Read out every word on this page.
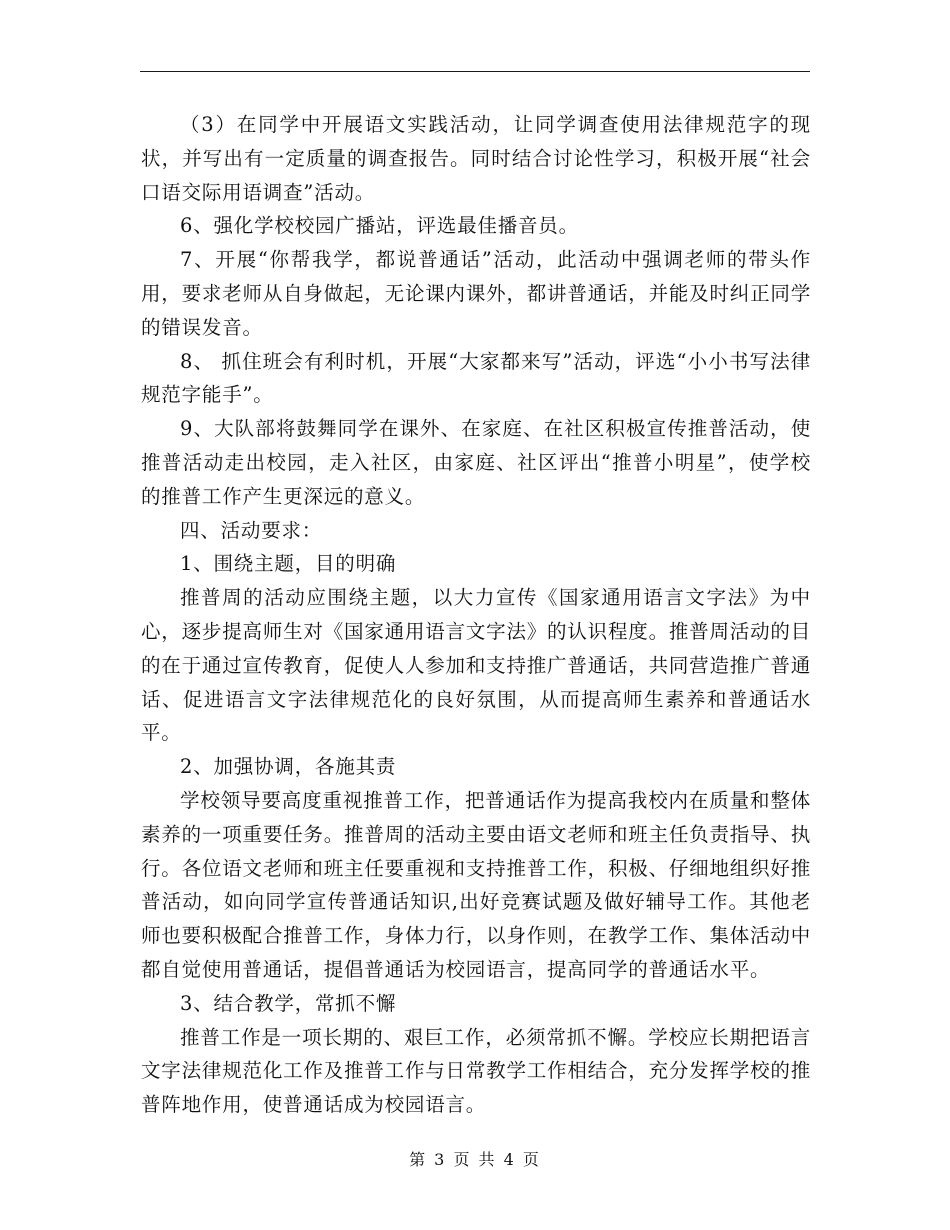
（3）在同学中开展语文实践活动，让同学调查使用法律规范字的现状，并写出有一定质量的调查报告。同时结合讨论性学习，积极开展“社会口语交际用语调查”活动。

6、强化学校校园广播站，评选最佳播音员。

7、开展“你帮我学，都说普通话”活动，此活动中强调老师的带头作用，要求老师从自身做起，无论课内课外，都讲普通话，并能及时纠正同学的错误发音。

8、 抓住班会有利时机，开展“大家都来写”活动，评选“小小书写法律规范字能手”。

9、大队部将鼓舞同学在课外、在家庭、在社区积极宣传推普活动，使推普活动走出校园，走入社区，由家庭、社区评出“推普小明星”，使学校的推普工作产生更深远的意义。

四、活动要求：

1、围绕主题，目的明确

推普周的活动应围绕主题，以大力宣传《国家通用语言文字法》为中心，逐步提高师生对《国家通用语言文字法》的认识程度。推普周活动的目的在于通过宣传教育，促使人人参加和支持推广普通话，共同营造推广普通话、促进语言文字法律规范化的良好氛围，从而提高师生素养和普通话水平。

2、加强协调，各施其责

学校领导要高度重视推普工作，把普通话作为提高我校内在质量和整体素养的一项重要任务。推普周的活动主要由语文老师和班主任负责指导、执行。各位语文老师和班主任要重视和支持推普工作，积极、仔细地组织好推普活动，如向同学宣传普通话知识,出好竞赛试题及做好辅导工作。其他老师也要积极配合推普工作，身体力行，以身作则，在教学工作、集体活动中都自觉使用普通话，提倡普通话为校园语言，提高同学的普通话水平。

3、结合教学，常抓不懈

推普工作是一项长期的、艰巨工作，必须常抓不懈。学校应长期把语言文字法律规范化工作及推普工作与日常教学工作相结合，充分发挥学校的推普阵地作用，使普通话成为校园语言。

第 3 页 共 4 页
